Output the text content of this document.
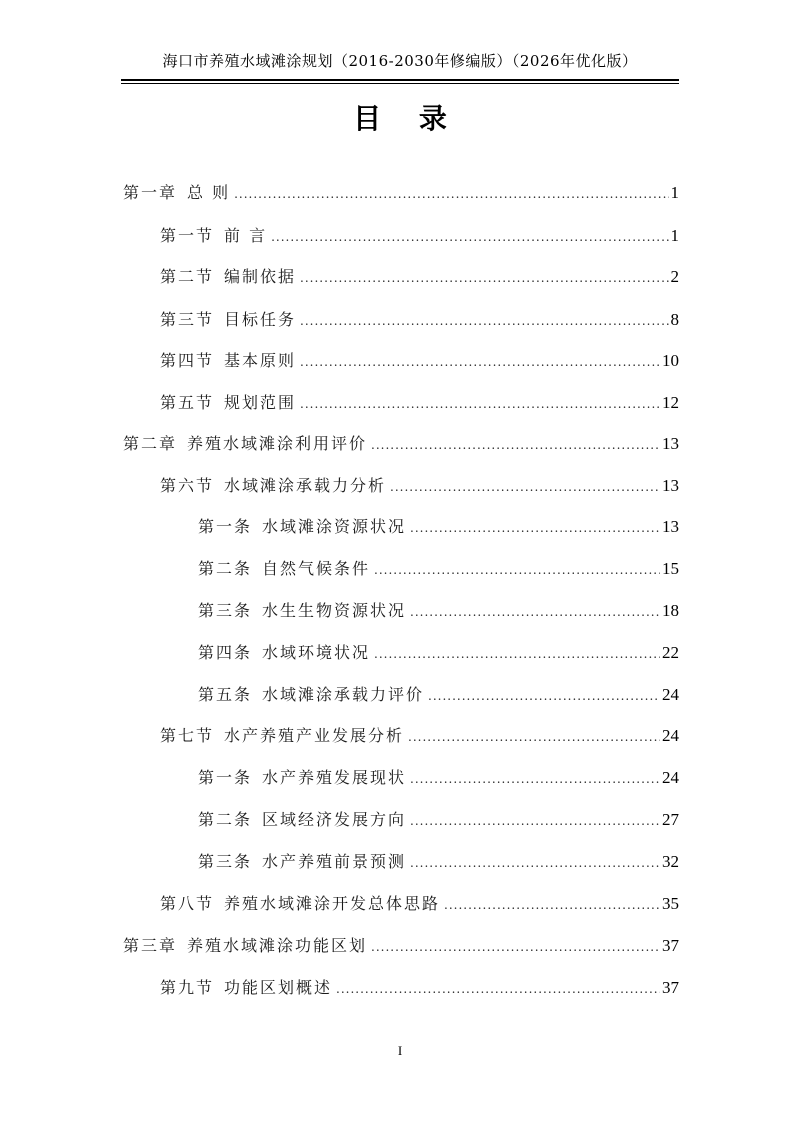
海口市养殖水域滩涂规划（2016-2030年修编版）（2026年优化版）
目 录
第一章 总 则 .....	1
第一节 前 言 .....	1
第二节 编制依据 .....	2
第三节 目标任务 .....	8
第四节 基本原则 .....	10
第五节 规划范围 .....	12
第二章 养殖水域滩涂利用评价 .....	13
第六节 水域滩涂承载力分析 .....	13
第一条 水域滩涂资源状况 .....	13
第二条 自然气候条件 .....	15
第三条 水生生物资源状况 .....	18
第四条 水域环境状况 .....	22
第五条 水域滩涂承载力评价 .....	24
第七节 水产养殖产业发展分析 .....	24
第一条 水产养殖发展现状 .....	24
第二条 区域经济发展方向 .....	27
第三条 水产养殖前景预测 .....	32
第八节 养殖水域滩涂开发总体思路 .....	35
第三章 养殖水域滩涂功能区划 .....	37
第九节 功能区划概述 .....	37
I
